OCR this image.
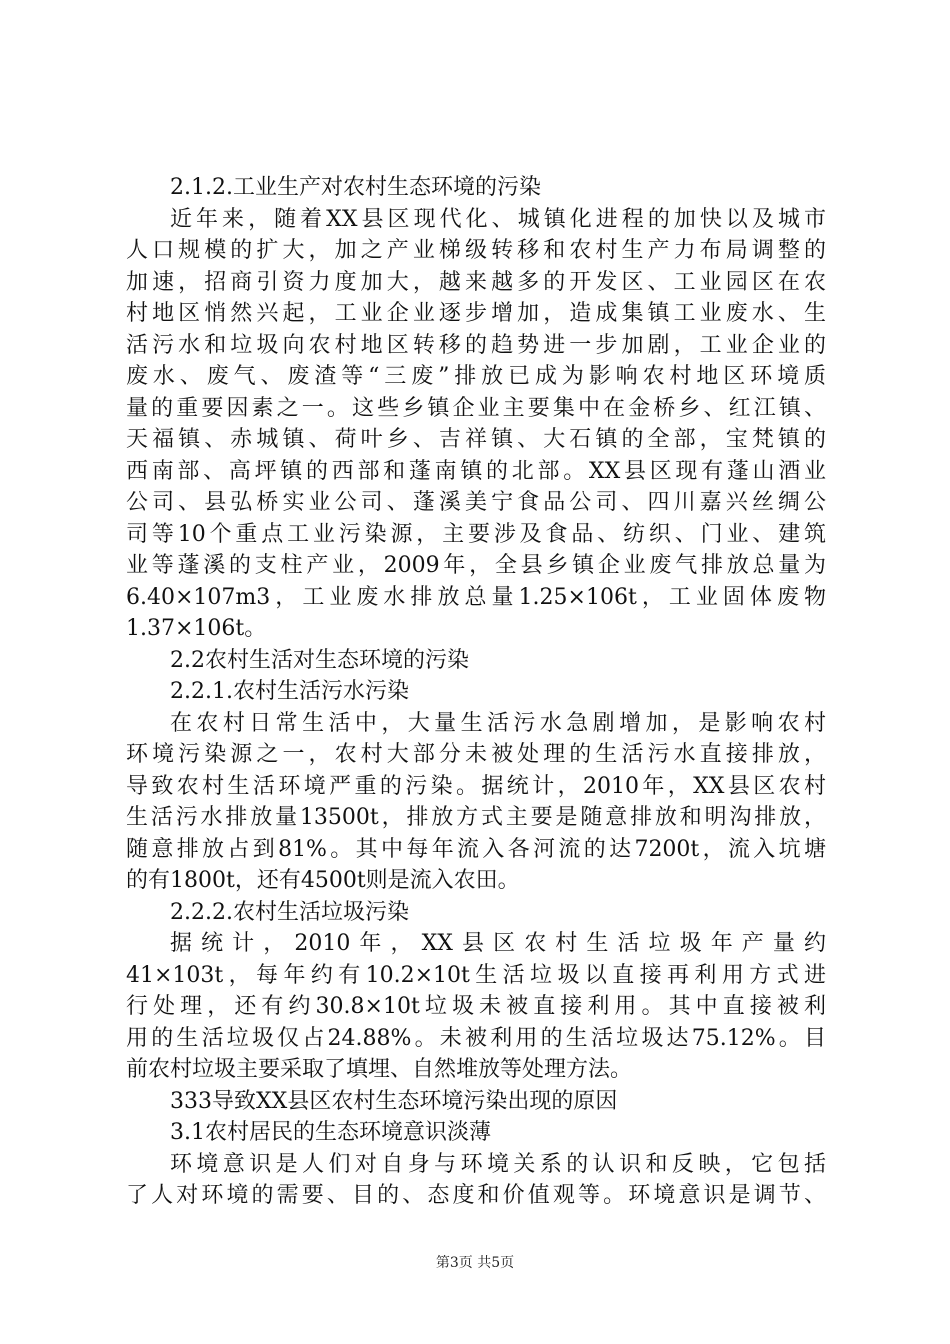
2.1.2.工业生产对农村生态环境的污染
近年来，随着XX县区现代化、城镇化进程的加快以及城市
人口规模的扩大，加之产业梯级转移和农村生产力布局调整的
加速，招商引资力度加大，越来越多的开发区、工业园区在农
村地区悄然兴起，工业企业逐步增加，造成集镇工业废水、生
活污水和垃圾向农村地区转移的趋势进一步加剧，工业企业的
废水、废气、废渣等“三废”排放已成为影响农村地区环境质
量的重要因素之一。这些乡镇企业主要集中在金桥乡、红江镇、
天福镇、赤城镇、荷叶乡、吉祥镇、大石镇的全部，宝梵镇的
西南部、高坪镇的西部和蓬南镇的北部。XX县区现有蓬山酒业
公司、县弘桥实业公司、蓬溪美宁食品公司、四川嘉兴丝绸公
司等10个重点工业污染源，主要涉及食品、纺织、门业、建筑
业等蓬溪的支柱产业，2009年，全县乡镇企业废气排放总量为
6.40×107m3，工业废水排放总量1.25×106t，工业固体废物
1.37×106t。
2.2农村生活对生态环境的污染
2.2.1.农村生活污水污染
在农村日常生活中，大量生活污水急剧增加，是影响农村
环境污染源之一，农村大部分未被处理的生活污水直接排放，
导致农村生活环境严重的污染。据统计，2010年，XX县区农村
生活污水排放量13500t，排放方式主要是随意排放和明沟排放，
随意排放占到81%。其中每年流入各河流的达7200t，流入坑塘
的有1800t，还有4500t则是流入农田。
2.2.2.农村生活垃圾污染
据统计，2010年，XX县区农村生活垃圾年产量约
41×103t，每年约有10.2×10t生活垃圾以直接再利用方式进
行处理，还有约30.8×10t垃圾未被直接利用。其中直接被利
用的生活垃圾仅占24.88%。未被利用的生活垃圾达75.12%。目
前农村垃圾主要采取了填埋、自然堆放等处理方法。
333导致XX县区农村生态环境污染出现的原因
3.1农村居民的生态环境意识淡薄
环境意识是人们对自身与环境关系的认识和反映，它包括
了人对环境的需要、目的、态度和价值观等。环境意识是调节、
第3页 共5页
